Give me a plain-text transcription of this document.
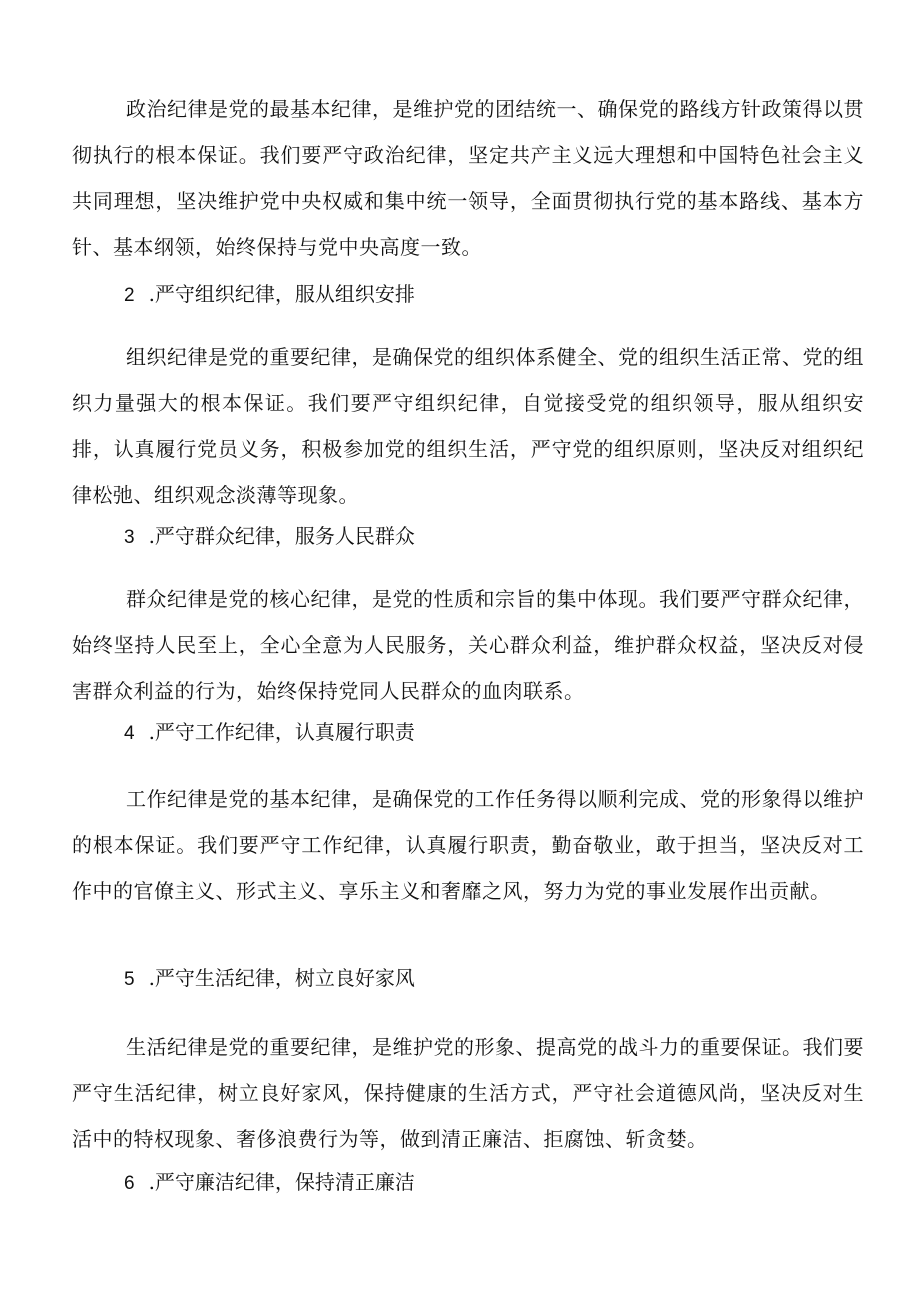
政治纪律是党的最基本纪律，是维护党的团结统一、确保党的路线方针政策得以贯彻执行的根本保证。我们要严守政治纪律，坚定共产主义远大理想和中国特色社会主义共同理想，坚决维护党中央权威和集中统一领导，全面贯彻执行党的基本路线、基本方针、基本纲领，始终保持与党中央高度一致。

2 .严守组织纪律，服从组织安排

组织纪律是党的重要纪律，是确保党的组织体系健全、党的组织生活正常、党的组织力量强大的根本保证。我们要严守组织纪律，自觉接受党的组织领导，服从组织安排，认真履行党员义务，积极参加党的组织生活，严守党的组织原则，坚决反对组织纪律松弛、组织观念淡薄等现象。

3 .严守群众纪律，服务人民群众

群众纪律是党的核心纪律，是党的性质和宗旨的集中体现。我们要严守群众纪律，始终坚持人民至上，全心全意为人民服务，关心群众利益，维护群众权益，坚决反对侵害群众利益的行为，始终保持党同人民群众的血肉联系。

4 .严守工作纪律，认真履行职责

工作纪律是党的基本纪律，是确保党的工作任务得以顺利完成、党的形象得以维护的根本保证。我们要严守工作纪律，认真履行职责，勤奋敬业，敢于担当，坚决反对工作中的官僚主义、形式主义、享乐主义和奢靡之风，努力为党的事业发展作出贡献。

5 .严守生活纪律，树立良好家风

生活纪律是党的重要纪律，是维护党的形象、提高党的战斗力的重要保证。我们要严守生活纪律，树立良好家风，保持健康的生活方式，严守社会道德风尚，坚决反对生活中的特权现象、奢侈浪费行为等，做到清正廉洁、拒腐蚀、斩贪婪。

6 .严守廉洁纪律，保持清正廉洁
